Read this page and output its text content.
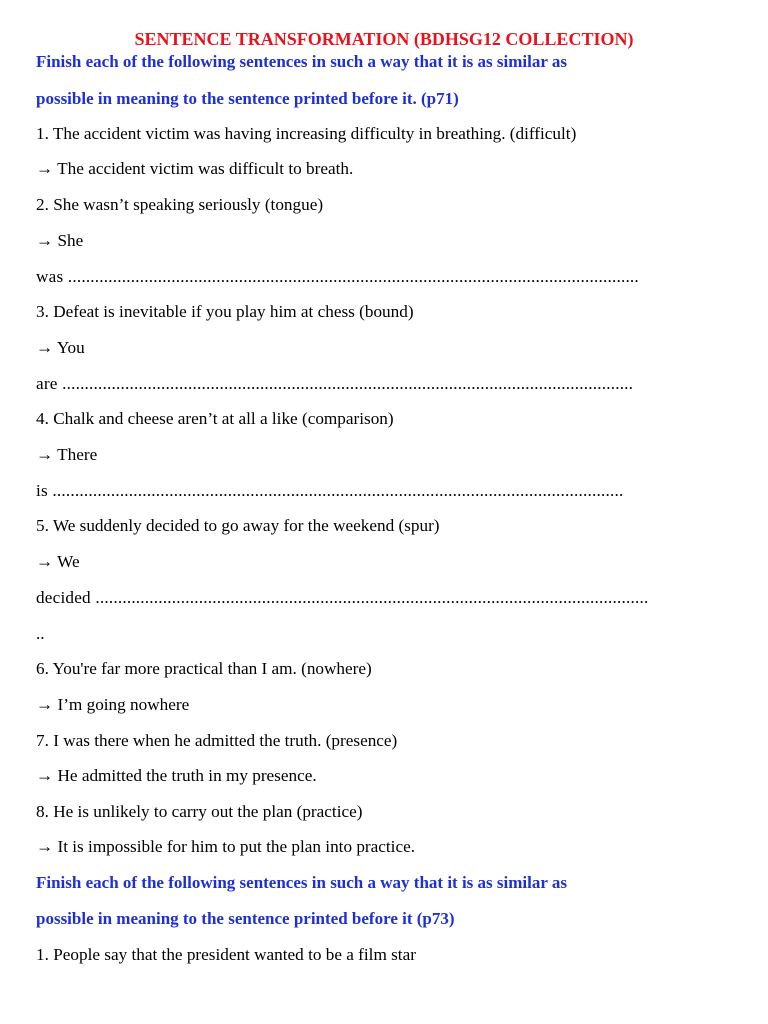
SENTENCE TRANSFORMATION (BDHSG12 COLLECTION)
Finish each of the following sentences in such a way that it is as similar as
possible in meaning to the sentence printed before it. (p71)
1. The accident victim was having increasing difficulty in breathing. (difficult)
→ The accident victim was difficult to breath.
2. She wasn’t speaking seriously (tongue)
→ She
was ...............................................................................................................................
3. Defeat is inevitable if you play him at chess (bound)
→ You
are ...............................................................................................................................
4. Chalk and cheese aren’t at all a like (comparison)
→ There
is ...............................................................................................................................
5. We suddenly decided to go away for the weekend (spur)
→ We
decided ...........................................................................................................................
..
6. You're far more practical than I am. (nowhere)
→ I’m going nowhere
7. I was there when he admitted the truth. (presence)
→ He admitted the truth in my presence.
8. He is unlikely to carry out the plan (practice)
→ It is impossible for him to put the plan into practice.
Finish each of the following sentences in such a way that it is as similar as
possible in meaning to the sentence printed before it (p73)
1. People say that the president wanted to be a film star
